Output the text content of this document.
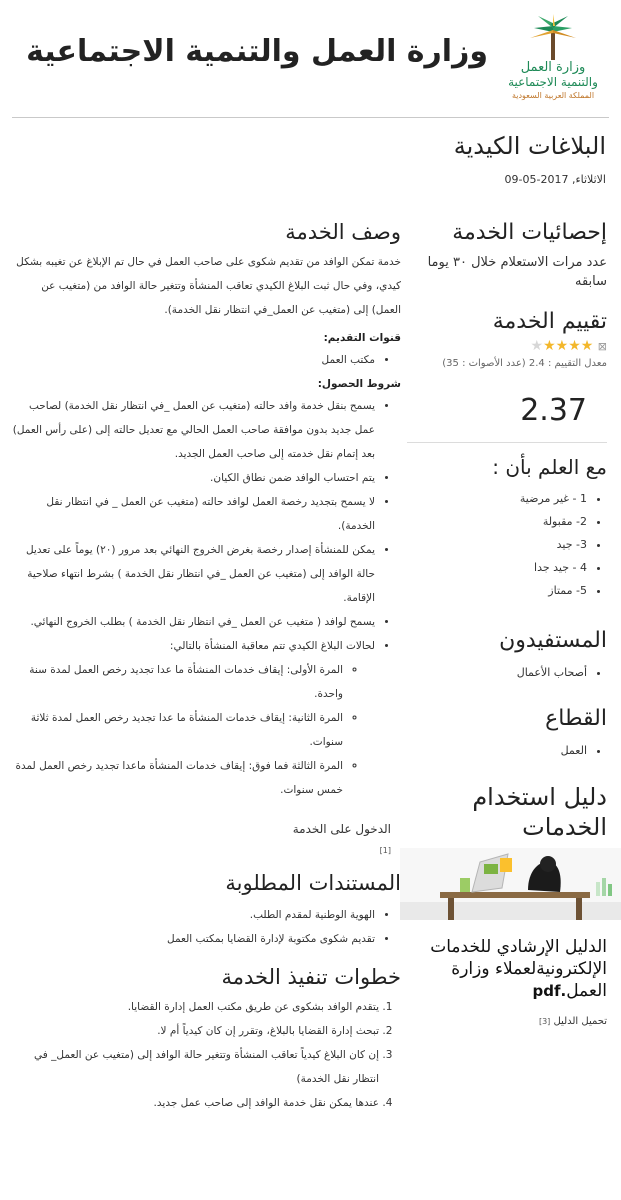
وزارة العمل
والتنمية الاجتماعية
المملكة العربية السعودية
وزارة العمل والتنمية الاجتماعية
البلاغات الكيدية
الاثلاثاء, 2017-05-09
إحصائيات الخدمة
عدد مرات الاستعلام خلال ٣٠ يوما سابقه
تقييم الخدمة
⊠ ★★★★★
معدل التقييم : 2.4 (عدد الأصوات : 35)
2.37
مع العلم بأن :
• 1 - غير مرضية
• 2- مقبولة
• 3- جيد
• 4 - جيد جدا
• 5- ممتاز
المستفيدون
• أصحاب الأعمال
القطاع
• العمل
دليل استخدام الخدمات
الدليل الإرشادي للخدمات الإلكترونيةلعملاء وزارة العمل.pdf
تحميل الدليل [3]
وصف الخدمة

خدمة تمكن الوافد من تقديم شكوى على صاحب العمل في حال تم الإبلاغ عن تغيبه بشكل كيدي، وفي حال ثبت البلاغ الكيدي تعاقب المنشأة وتتغير حالة الوافد من (متغيب عن العمل) إلى (متغيب عن العمل_في انتظار نقل الخدمة).

قنوات التقديم:
• مكتب العمل
شروط الحصول:
• يسمح بنقل خدمة وافد حالته (متغيب عن العمل _في انتظار نقل الخدمة) لصاحب عمل جديد بدون موافقة صاحب العمل الحالي مع تعديل حالته إلى (على رأس العمل) بعد إتمام نقل خدمته إلى صاحب العمل الجديد.
• يتم احتساب الوافد ضمن نطاق الكيان.
• لا يسمح بتجديد رخصة العمل لوافد حالته (متغيب عن العمل _ في انتظار نقل الخدمة).
• يمكن للمنشأة إصدار رخصة بغرض الخروج النهائي بعد مرور (٢٠) يوماً على تعديل حالة الوافد إلى (متغيب عن العمل _في انتظار نقل الخدمة ) بشرط انتهاء صلاحية الإقامة.
• يسمح لوافد ( متغيب عن العمل _في انتظار نقل الخدمة ) بطلب الخروج النهائي.
• لحالات البلاغ الكيدي تتم معاقبة المنشأة بالتالي:
◦ المرة الأولى: إيقاف خدمات المنشأة ما عدا تجديد رخص العمل لمدة سنة واحدة.
◦ المرة الثانية: إيقاف خدمات المنشأة ما عدا تجديد رخص العمل لمدة ثلاثة سنوات.
◦ المرة الثالثة فما فوق: إيقاف خدمات المنشأة ماعدا تجديد رخص العمل لمدة خمس سنوات.
الدخول على الخدمة
[1]
المستندات المطلوبة
• الهوية الوطنية لمقدم الطلب.
• تقديم شكوى مكتوبة لإدارة القضايا بمكتب العمل
خطوات تنفيذ الخدمة
1. يتقدم الوافد بشكوى عن طريق مكتب العمل إدارة القضايا.
2. تبحث إدارة القضايا بالبلاغ، وتقرر إن كان كيدياً أم لا.
3. إن كان البلاغ كيدياً تعاقب المنشأة وتتغير حالة الوافد إلى (متغيب عن العمل_ في انتظار نقل الخدمة)
4. عندها يمكن نقل خدمة الوافد إلى صاحب عمل جديد.
